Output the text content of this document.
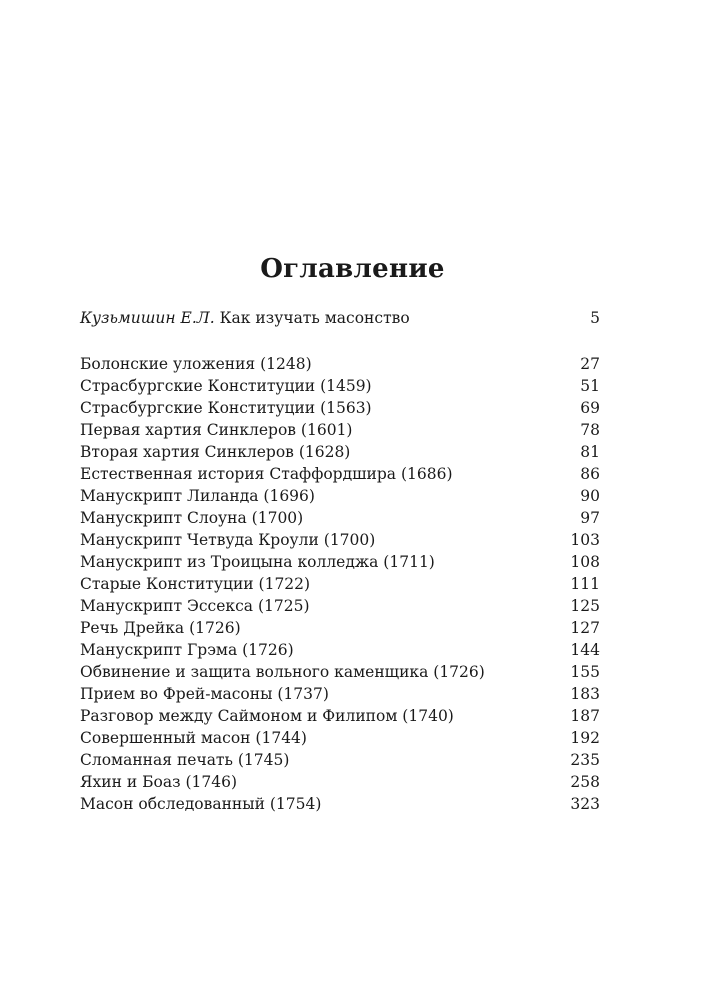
Оглавление
Кузьмишин Е.Л. Как изучать масонство	5
Болонские уложения (1248)	27
Страсбургские Конституции (1459)	51
Страсбургские Конституции (1563)	69
Первая хартия Синклеров (1601)	78
Вторая хартия Синклеров (1628)	81
Естественная история Стаффордшира (1686)	86
Манускрипт Лиланда (1696)	90
Манускрипт Слоуна (1700)	97
Манускрипт Четвуда Кроули (1700)	103
Манускрипт из Троицына колледжа (1711)	108
Старые Конституции (1722)	111
Манускрипт Эссекса (1725)	125
Речь Дрейка (1726)	127
Манускрипт Грэма (1726)	144
Обвинение и защита вольного каменщика (1726)	155
Прием во Фрей-масоны (1737)	183
Разговор между Саймоном и Филипом (1740)	187
Совершенный масон (1744)	192
Сломанная печать (1745)	235
Яхин и Боаз (1746)	258
Масон обследованный (1754)	323
